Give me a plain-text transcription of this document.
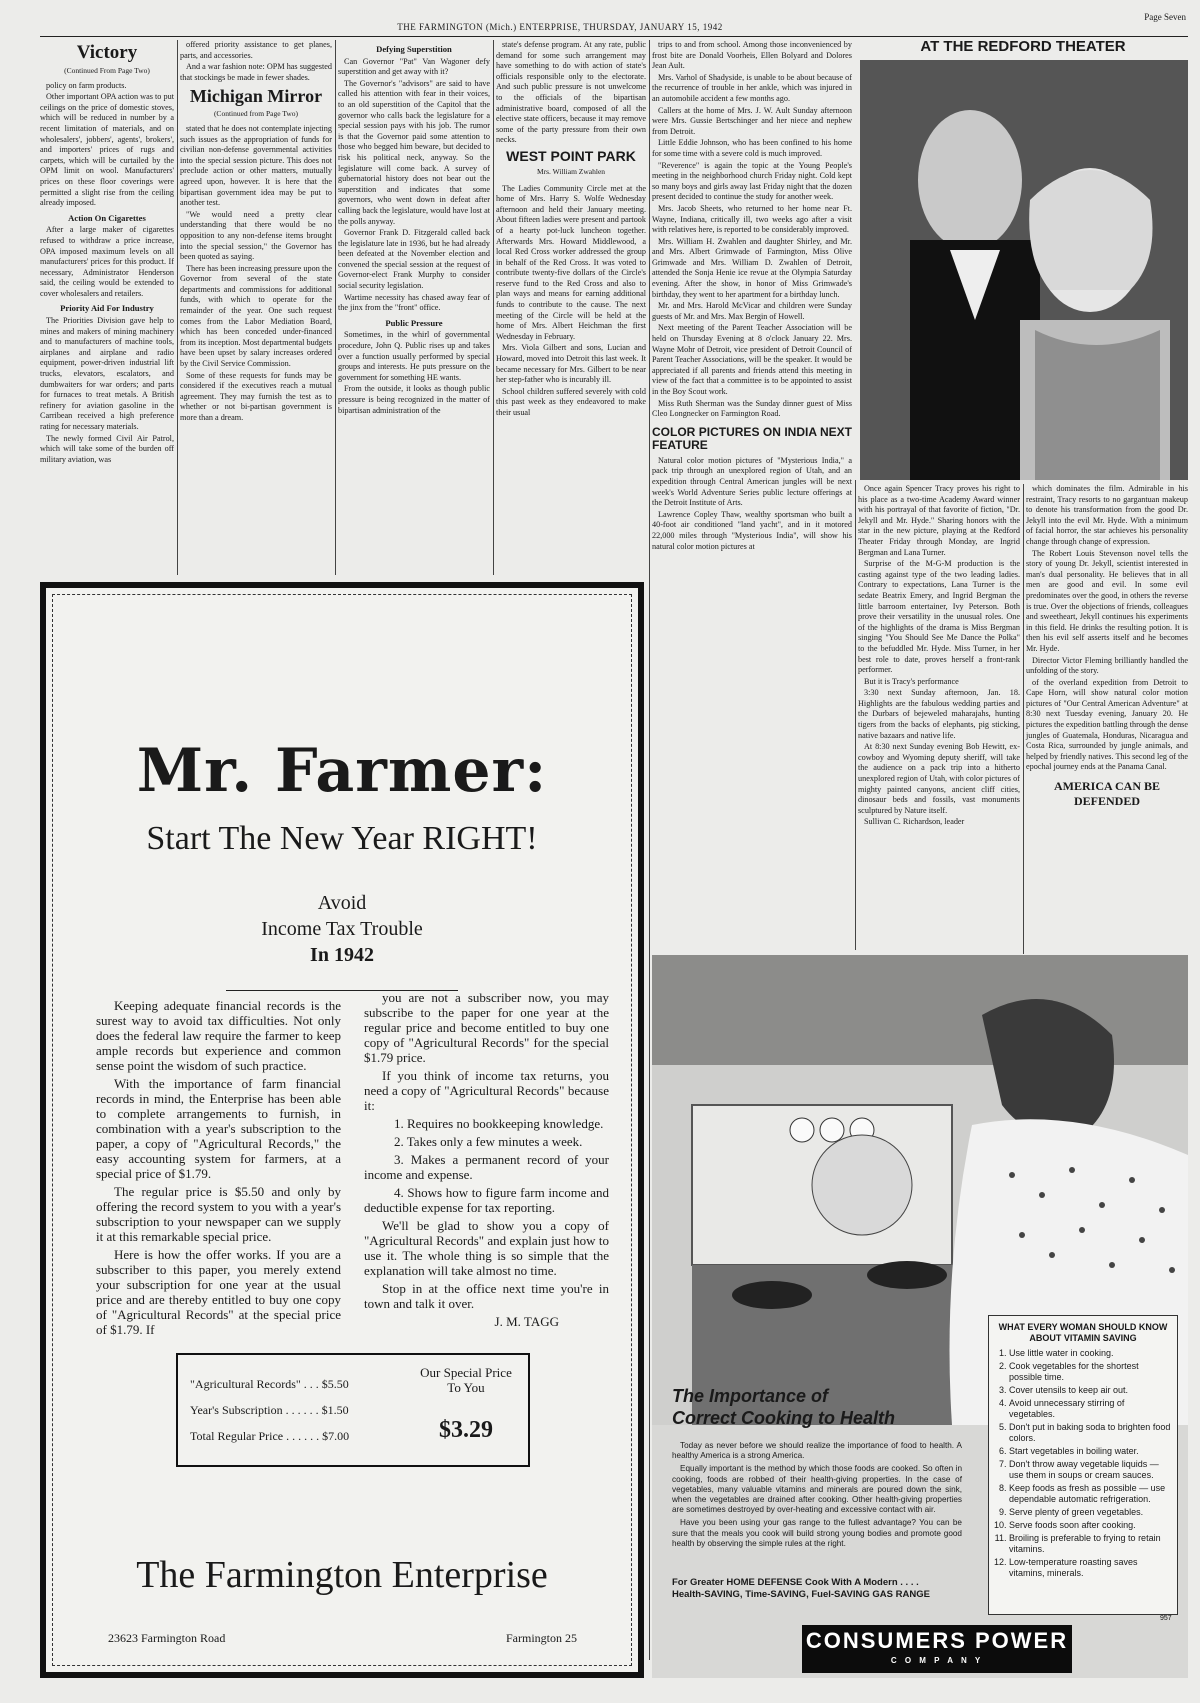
THE FARMINGTON (Mich.) ENTERPRISE, THURSDAY, JANUARY 15, 1942
Page Seven

Victory

(Continued From Page Two)

policy on farm products.

Other important OPA action was to put ceilings on the price of domestic stoves, which will be reduced in number by a recent limitation of materials, and on wholesalers', jobbers', agents', brokers', and importers' prices of rugs and carpets, which will be curtailed by the OPM limit on wool. Manufacturers' prices on these floor coverings were permitted a slight rise from the ceiling already imposed.

Action On Cigarettes

After a large maker of cigarettes refused to withdraw a price increase, OPA imposed maximum levels on all manufacturers' prices for this product. If necessary, Administrator Henderson said, the ceiling would be extended to cover wholesalers and retailers.

Priority Aid For Industry

The Priorities Division gave help to mines and makers of mining machinery and to manufacturers of machine tools, airplanes and airplane and radio equipment, power-driven industrial lift trucks, elevators, escalators, and dumbwaiters for war orders; and parts for furnaces to treat metals. A British refinery for aviation gasoline in the Carribean received a high preference rating for necessary materials.

The newly formed Civil Air Patrol, which will take some of the burden off military aviation, was

offered priority assistance to get planes, parts, and accessories.

And a war fashion note: OPM has suggested that stockings be made in fewer shades.

Michigan Mirror

(Continued from Page Two)

stated that he does not contemplate injecting such issues as the appropriation of funds for civilian non-defense governmental activities into the special session picture. This does not preclude action or other matters, mutually agreed upon, however. It is here that the bipartisan government idea may be put to another test.

"We would need a pretty clear understanding that there would be no opposition to any non-defense items brought into the special session," the Governor has been quoted as saying.

There has been increasing pressure upon the Governor from several of the state departments and commissions for additional funds, with which to operate for the remainder of the year. One such request comes from the Labor Mediation Board, which has been conceded under-financed from its inception. Most departmental budgets have been upset by salary increases ordered by the Civil Service Commission.

Some of these requests for funds may be considered if the executives reach a mutual agreement. They may furnish the test as to whether or not bi-partisan government is more than a dream.

Defying Superstition

Can Governor "Pat" Van Wagoner defy superstition and get away with it?

The Governor's "advisors" are said to have called his attention with fear in their voices, to an old superstition of the Capitol that the governor who calls back the legislature for a special session pays with his job. The rumor is that the Governor paid some attention to those who begged him beware, but decided to risk his political neck, anyway. So the legislature will come back. A survey of gubernatorial history does not bear out the superstition and indicates that some governors, who went down in defeat after calling back the legislature, would have lost at the polls anyway.

Governor Frank D. Fitzgerald called back the legislature late in 1936, but he had already been defeated at the November election and convened the special session at the request of Governor-elect Frank Murphy to consider social security legislation.

Wartime necessity has chased away fear of the jinx from the "front" office.

Public Pressure

Sometimes, in the whirl of governmental procedure, John Q. Public rises up and takes over a function usually performed by special groups and interests. He puts pressure on the government for something HE wants.

From the outside, it looks as though public pressure is being recognized in the matter of bipartisan administration of the

state's defense program. At any rate, public demand for some such arrangement may have something to do with action of state's officials responsible only to the electorate. And such public pressure is not unwelcome to the officials of the bipartisan administrative board, composed of all the elective state officers, because it may remove some of the party pressure from their own necks.

WEST POINT PARK

Mrs. William Zwahlen

The Ladies Community Circle met at the home of Mrs. Harry S. Wolfe Wednesday afternoon and held their January meeting. About fifteen ladies were present and partook of a hearty pot-luck luncheon together. Afterwards Mrs. Howard Middlewood, a local Red Cross worker addressed the group in behalf of the Red Cross. It was voted to contribute twenty-five dollars of the Circle's reserve fund to the Red Cross and also to plan ways and means for earning additional funds to contribute to the cause. The next meeting of the Circle will be held at the home of Mrs. Albert Heichman the first Wednesday in February.

Mrs. Viola Gilbert and sons, Lucian and Howard, moved into Detroit this last week. It became necessary for Mrs. Gilbert to be near her step-father who is incurably ill.

School children suffered severely with cold this past week as they endeavored to make their usual

trips to and from school. Among those inconvenienced by frost bite are Donald Voorheis, Ellen Bolyard and Dolores Jean Ault.

Mrs. Varhol of Shadyside, is unable to be about because of the recurrence of trouble in her ankle, which was injured in an automobile accident a few months ago.

Callers at the home of Mrs. J. W. Ault Sunday afternoon were Mrs. Gussie Bertschinger and her niece and nephew from Detroit.

Little Eddie Johnson, who has been confined to his home for some time with a severe cold is much improved.

"Reverence" is again the topic at the Young People's meeting in the neighborhood church Friday night. Cold kept so many boys and girls away last Friday night that the dozen present decided to continue the study for another week.

Mrs. Jacob Sheets, who returned to her home near Ft. Wayne, Indiana, critically ill, two weeks ago after a visit with relatives here, is reported to be considerably improved.

Mrs. William H. Zwahlen and daughter Shirley, and Mr. and Mrs. Albert Grimwade of Farmington, Miss Olive Grimwade and Mrs. William D. Zwahlen of Detroit, attended the Sonja Henie ice revue at the Olympia Saturday evening. After the show, in honor of Miss Grimwade's birthday, they went to her apartment for a birthday lunch.

Mr. and Mrs. Harold McVicar and children were Sunday guests of Mr. and Mrs. Max Bergin of Howell.

Next meeting of the Parent Teacher Association will be held on Thursday Evening at 8 o'clock January 22. Mrs. Wayne Mohr of Detroit, vice president of Detroit Council of Parent Teacher Associations, will be the speaker. It would be appreciated if all parents and friends attend this meeting in view of the fact that a committee is to be appointed to assist in the Boy Scout work.

Miss Ruth Sherman was the Sunday dinner guest of Miss Cleo Longnecker on Farmington Road.

COLOR PICTURES ON INDIA NEXT FEATURE

Natural color motion pictures of "Mysterious India," a pack trip through an unexplored region of Utah, and an expedition through Central American jungles will be next week's World Adventure Series public lecture offerings at the Detroit Institute of Arts.

Lawrence Copley Thaw, wealthy sportsman who built a 40-foot air conditioned "land yacht", and in it motored 22,000 miles through "Mysterious India", will show his natural color motion pictures at

AT THE REDFORD THEATER

Once again Spencer Tracy proves his right to his place as a two-time Academy Award winner with his portrayal of that favorite of fiction, "Dr. Jekyll and Mr. Hyde." Sharing honors with the star in the new picture, playing at the Redford Theater Friday through Monday, are Ingrid Bergman and Lana Turner.

Surprise of the M-G-M production is the casting against type of the two leading ladies. Contrary to expectations, Lana Turner is the sedate Beatrix Emery, and Ingrid Bergman the little barroom entertainer, Ivy Peterson. Both prove their versatility in the unusual roles. One of the highlights of the drama is Miss Bergman singing "You Should See Me Dance the Polka" to the befuddled Mr. Hyde. Miss Turner, in her best role to date, proves herself a front-rank performer.

But it is Tracy's performance

3:30 next Sunday afternoon, Jan. 18. Highlights are the fabulous wedding parties and the Durbars of bejeweled maharajahs, hunting tigers from the backs of elephants, pig sticking, native bazaars and native life.

At 8:30 next Sunday evening Bob Hewitt, ex-cowboy and Wyoming deputy sheriff, will take the audience on a pack trip into a hitherto unexplored region of Utah, with color pictures of mighty painted canyons, ancient cliff cities, dinosaur beds and fossils, vast monuments sculptured by Nature itself.

Sullivan C. Richardson, leader

which dominates the film. Admirable in his restraint, Tracy resorts to no gargantuan makeup to denote his transformation from the good Dr. Jekyll into the evil Mr. Hyde. With a minimum of facial horror, the star achieves his personality change through change of expression.

The Robert Louis Stevenson novel tells the story of young Dr. Jekyll, scientist interested in man's dual personality. He believes that in all men are good and evil. In some evil predominates over the good, in others the reverse is true. Over the objections of friends, colleagues and sweetheart, Jekyll continues his experiments in this field. He drinks the resulting potion. It is then his evil self asserts itself and he becomes Mr. Hyde.

Director Victor Fleming brilliantly handled the unfolding of the story.

of the overland expedition from Detroit to Cape Horn, will show natural color motion pictures of "Our Central American Adventure" at 8:30 next Tuesday evening, January 20. He pictures the expedition battling through the dense jungles of Guatemala, Honduras, Nicaragua and Costa Rica, surrounded by jungle animals, and helped by friendly natives. This second leg of the epochal journey ends at the Panama Canal.

AMERICA CAN BE DEFENDED

Mr. Farmer:
Start The New Year RIGHT!
Avoid
Income Tax Trouble
In 1942

Keeping adequate financial records is the surest way to avoid tax difficulties. Not only does the federal law require the farmer to keep ample records but experience and common sense point the wisdom of such practice.

With the importance of farm financial records in mind, the Enterprise has been able to complete arrangements to furnish, in combination with a year's subscription to the paper, a copy of "Agricultural Records," the easy accounting system for farmers, at a special price of $1.79.

The regular price is $5.50 and only by offering the record system to you with a year's subscription to your newspaper can we supply it at this remarkable special price.

Here is how the offer works. If you are a subscriber to this paper, you merely extend your subscription for one year at the usual price and are thereby entitled to buy one copy of "Agricultural Records" at the special price of $1.79. If

you are not a subscriber now, you may subscribe to the paper for one year at the regular price and become entitled to buy one copy of "Agricultural Records" for the special $1.79 price.

If you think of income tax returns, you need a copy of "Agricultural Records" because it:

1. Requires no bookkeeping knowledge.

2. Takes only a few minutes a week.

3. Makes a permanent record of your income and expense.

4. Shows how to figure farm income and deductible expense for tax reporting.

We'll be glad to show you a copy of "Agricultural Records" and explain just how to use it. The whole thing is so simple that the explanation will take almost no time.

Stop in at the office next time you're in town and talk it over.

J. M. TAGG

"Agricultural Records" . . . $5.50
Year's Subscription . . . . . . $1.50
Total Regular Price . . . . . . $7.00
Our Special Price To You
$3.29
The Farmington Enterprise
23623 Farmington Road	Farmington 25
The Importance of
Correct Cooking to Health

Today as never before we should realize the importance of food to health. A healthy America is a strong America.

Equally important is the method by which those foods are cooked. So often in cooking, foods are robbed of their health-giving properties. In the case of vegetables, many valuable vitamins and minerals are poured down the sink, when the vegetables are drained after cooking. Other health-giving properties are sometimes destroyed by over-heating and excessive contact with air.

Have you been using your gas range to the fullest advantage? You can be sure that the meals you cook will build strong young bodies and promote good health by observing the simple rules at the right.

For Greater HOME DEFENSE Cook With A Modern . . . .
Health-SAVING, Time-SAVING, Fuel-SAVING GAS RANGE
WHAT EVERY WOMAN SHOULD KNOW ABOUT VITAMIN SAVING
1. Use little water in cooking.
2. Cook vegetables for the shortest possible time.
3. Cover utensils to keep air out.
4. Avoid unnecessary stirring of vegetables.
5. Don't put in baking soda to brighten food colors.
6. Start vegetables in boiling water.
7. Don't throw away vegetable liquids — use them in soups or cream sauces.
8. Keep foods as fresh as possible — use dependable automatic refrigeration.
9. Serve plenty of green vegetables.
10. Serve foods soon after cooking.
11. Broiling is preferable to frying to retain vitamins.
12. Low-temperature roasting saves vitamins, minerals.
957
CONSUMERS POWER
C O M P A N Y
